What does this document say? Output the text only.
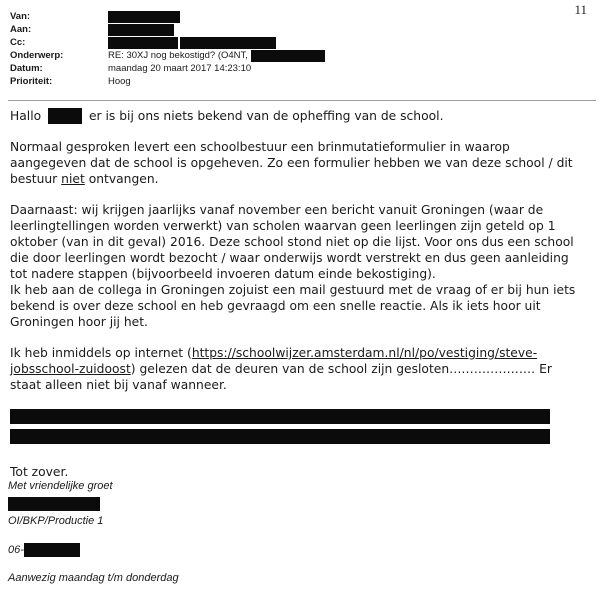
11
Van:
Aan:
Cc:
Onderwerp:	RE: 30XJ nog bekostigd? (O4NT,
Datum:	maandag 20 maart 2017 14:23:10
Prioriteit:	Hoog

Hallo	er is bij ons niets bekend van de opheffing van de school.

Normaal gesproken levert een schoolbestuur een brinmutatieformulier in waarop aangegeven dat de school is opgeheven. Zo een formulier hebben we van deze school / dit bestuur niet ontvangen.

Daarnaast: wij krijgen jaarlijks vanaf november een bericht vanuit Groningen (waar de leerlingtellingen worden verwerkt) van scholen waarvan geen leerlingen zijn geteld op 1 oktober (van in dit geval) 2016. Deze school stond niet op die lijst. Voor ons dus een school die door leerlingen wordt bezocht / waar onderwijs wordt verstrekt en dus geen aanleiding tot nadere stappen (bijvoorbeeld invoeren datum einde bekostiging).

Ik heb aan de collega in Groningen zojuist een mail gestuurd met de vraag of er bij hun iets bekend is over deze school en heb gevraagd om een snelle reactie. Als ik iets hoor uit Groningen hoor jij het.

Ik heb inmiddels op internet (https://schoolwijzer.amsterdam.nl/nl/po/vestiging/steve-jobsschool-zuidoost) gelezen dat de deuren van de school zijn gesloten………………… Er staat alleen niet bij vanaf wanneer.

Tot zover.

Met vriendelijke groet
OI/BKP/Productie 1
06-
Aanwezig maandag t/m donderdag
